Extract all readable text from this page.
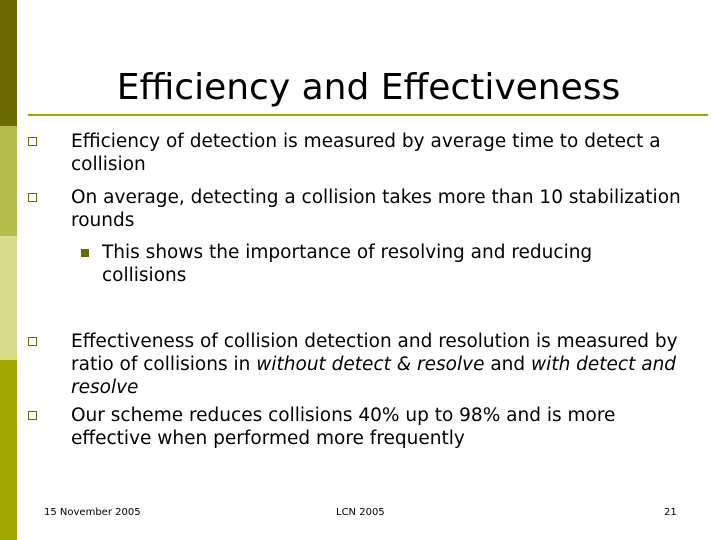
Efficiency and Effectiveness
Efficiency of detection is measured by average time to detect a collision
On average, detecting a collision takes more than 10 stabilization rounds
This shows the importance of resolving and reducing collisions
Effectiveness of collision detection and resolution is measured by ratio of collisions in without detect & resolve and with detect and resolve
Our scheme reduces collisions 40% up to 98% and is more effective when performed more frequently
15 November 2005	LCN 2005	21
